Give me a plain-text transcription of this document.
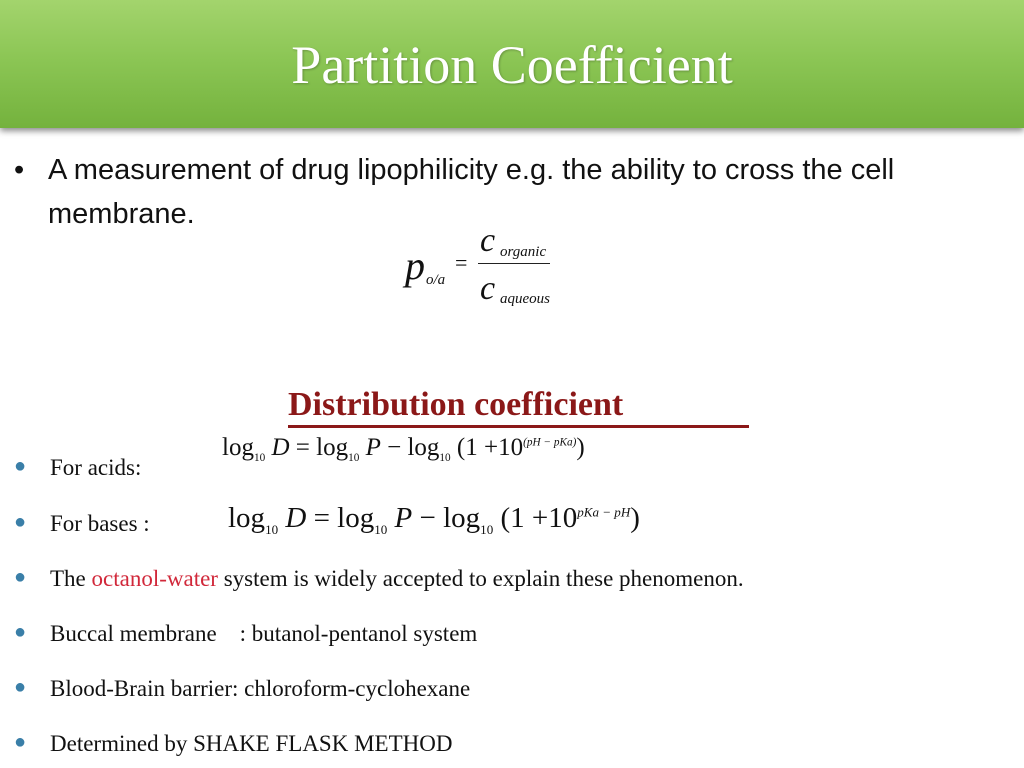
Partition Coefficient
• A measurement of drug lipophilicity e.g. the ability to cross the cell membrane.
p o/a
=
c organic
c aqueous
Distribution coefficient
● For acids:
$\log_{10} D = \log_{10} P - \log_{10} (1 +10^{(pH - pKa)})$
● For bases :	$\log_{10} D = \log_{10} P - \log_{10} (1 +10^{pKa - pH})$
● The octanol-water system is widely accepted to explain these phenomenon.
● Buccal membrane    : butanol-pentanol system
● Blood-Brain barrier: chloroform-cyclohexane
● Determined by SHAKE FLASK METHOD
